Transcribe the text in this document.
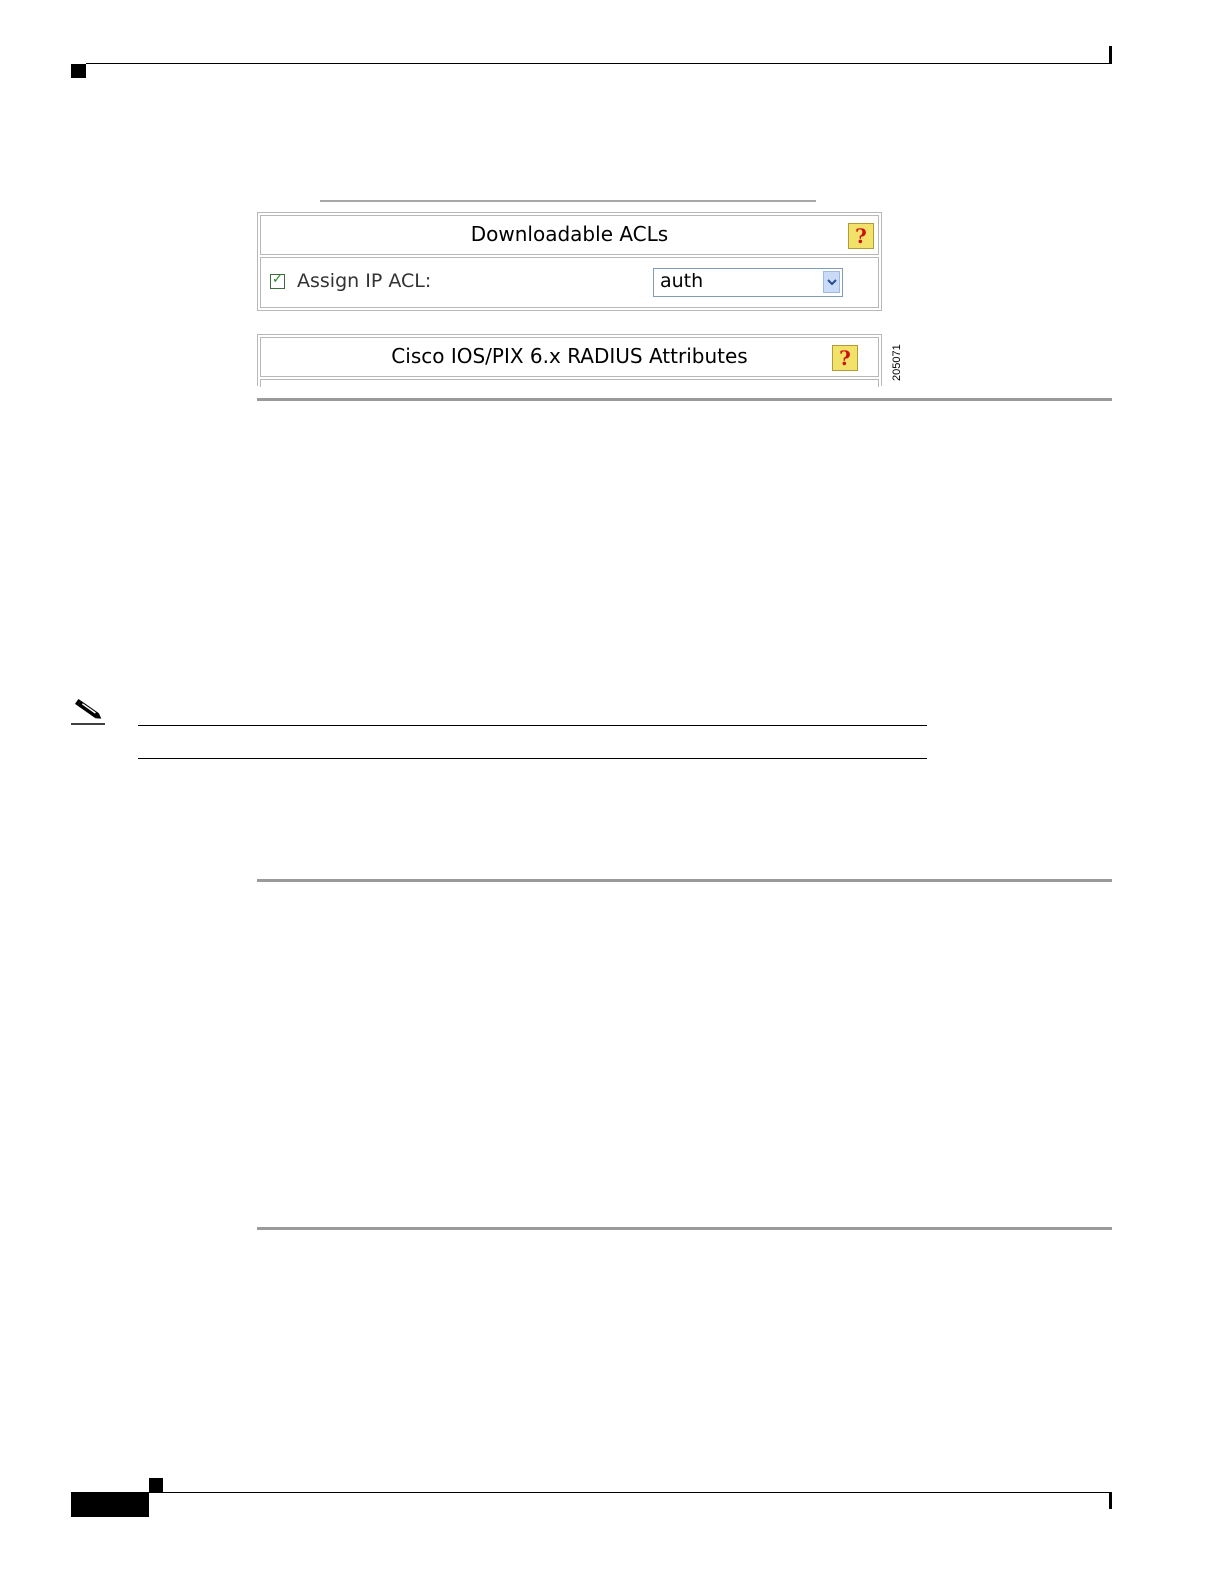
Downloadable ACLs	?
✓ Assign IP ACL:	auth
Cisco IOS/PIX 6.x RADIUS Attributes	?	205071
